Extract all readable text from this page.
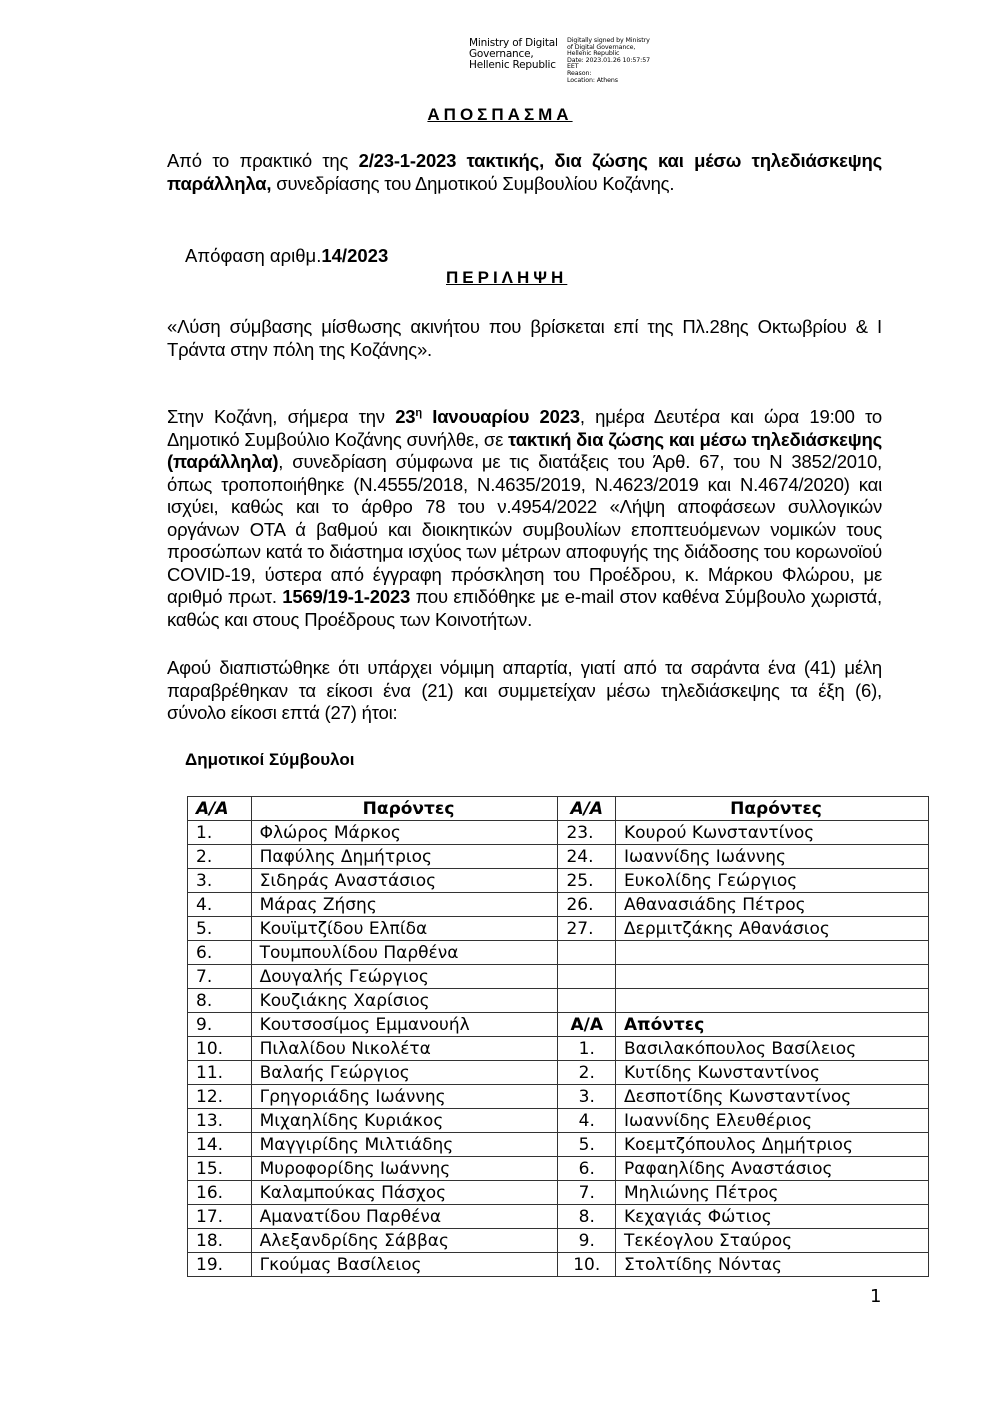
Ministry of Digital
Governance,
Hellenic Republic
Digitally signed by Ministry
of Digital Governance,
Hellenic Republic
Date: 2023.01.26 10:57:57
EET
Reason:
Location: Athens
ΑΠΟΣΠΑΣΜΑ
Από το πρακτικό της 2/23-1-2023 τακτικής, δια ζώσης και μέσω τηλεδιάσκεψης παράλληλα, συνεδρίασης του Δημοτικού Συμβουλίου Κοζάνης.
Απόφαση αριθμ.14/2023
ΠΕΡΙΛΗΨΗ
«Λύση σύμβασης μίσθωσης ακινήτου που βρίσκεται επί της Πλ.28ης Οκτωβρίου & Ι Τράντα στην πόλη της Κοζάνης».
Στην Κοζάνη, σήμερα την $23^\eta$ Ιανουαρίου 2023, ημέρα Δευτέρα και ώρα 19:00 το Δημοτικό Συμβούλιο Κοζάνης συνήλθε, σε τακτική δια ζώσης και μέσω τηλεδιάσκεψης (παράλληλα), συνεδρίαση σύμφωνα με τις διατάξεις του Άρθ. 67, του Ν 3852/2010, όπως τροποποιήθηκε (Ν.4555/2018, Ν.4635/2019, Ν.4623/2019 και Ν.4674/2020) και ισχύει, καθώς και το άρθρο 78 του ν.4954/2022 «Λήψη αποφάσεων συλλογικών οργάνων ΟΤΑ ά βαθμού και διοικητικών συμβουλίων εποπτευόμενων νομικών τους προσώπων κατά το διάστημα ισχύος των μέτρων αποφυγής της διάδοσης του κορωνοϊού COVID-19, ύστερα από έγγραφη πρόσκληση του Προέδρου, κ. Μάρκου Φλώρου, με αριθμό πρωτ. 1569/19-1-2023 που επιδόθηκε με e-mail στον καθένα Σύμβουλο χωριστά, καθώς και στους Προέδρους των Κοινοτήτων.
Αφού διαπιστώθηκε ότι υπάρχει νόμιμη απαρτία, γιατί από τα σαράντα ένα (41) μέλη παραβρέθηκαν τα είκοσι ένα (21) και συμμετείχαν μέσω τηλεδιάσκεψης τα έξη (6), σύνολο είκοσι επτά (27) ήτοι:
Δημοτικοί Σύμβουλοι
Α/Α	Παρόντες	Α/Α	Παρόντες
1.	Φλώρος Μάρκος	23.	Κουρού Κωνσταντίνος
2.	Παφύλης Δημήτριος	24.	Ιωαννίδης Ιωάννης
3.	Σιδηράς Αναστάσιος	25.	Ευκολίδης Γεώργιος
4.	Μάρας Ζήσης	26.	Αθανασιάδης Πέτρος
5.	Κουϊμτζίδου Ελπίδα	27.	Δερμιτζάκης Αθανάσιος
6.	Τουμπουλίδου Παρθένα		
7.	Δουγαλής Γεώργιος		
8.	Κουζιάκης Χαρίσιος		
9.	Κουτσοσίμος Εμμανουήλ	Α/Α	Απόντες
10.	Πιλαλίδου Νικολέτα	1.	Βασιλακόπουλος Βασίλειος
11.	Βαλαής Γεώργιος	2.	Κυτίδης Κωνσταντίνος
12.	Γρηγοριάδης Ιωάννης	3.	Δεσποτίδης Κωνσταντίνος
13.	Μιχαηλίδης Κυριάκος	4.	Ιωαννίδης Ελευθέριος
14.	Μαγγιρίδης Μιλτιάδης	5.	Κοεμτζόπουλος Δημήτριος
15.	Μυροφορίδης Ιωάννης	6.	Ραφαηλίδης Αναστάσιος
16.	Καλαμπούκας Πάσχος	7.	Μηλιώνης Πέτρος
17.	Αμανατίδου Παρθένα	8.	Κεχαγιάς Φώτιος
18.	Αλεξανδρίδης Σάββας	9.	Τεκέογλου Σταύρος
19.	Γκούμας Βασίλειος	10.	Στολτίδης Νόντας
1
